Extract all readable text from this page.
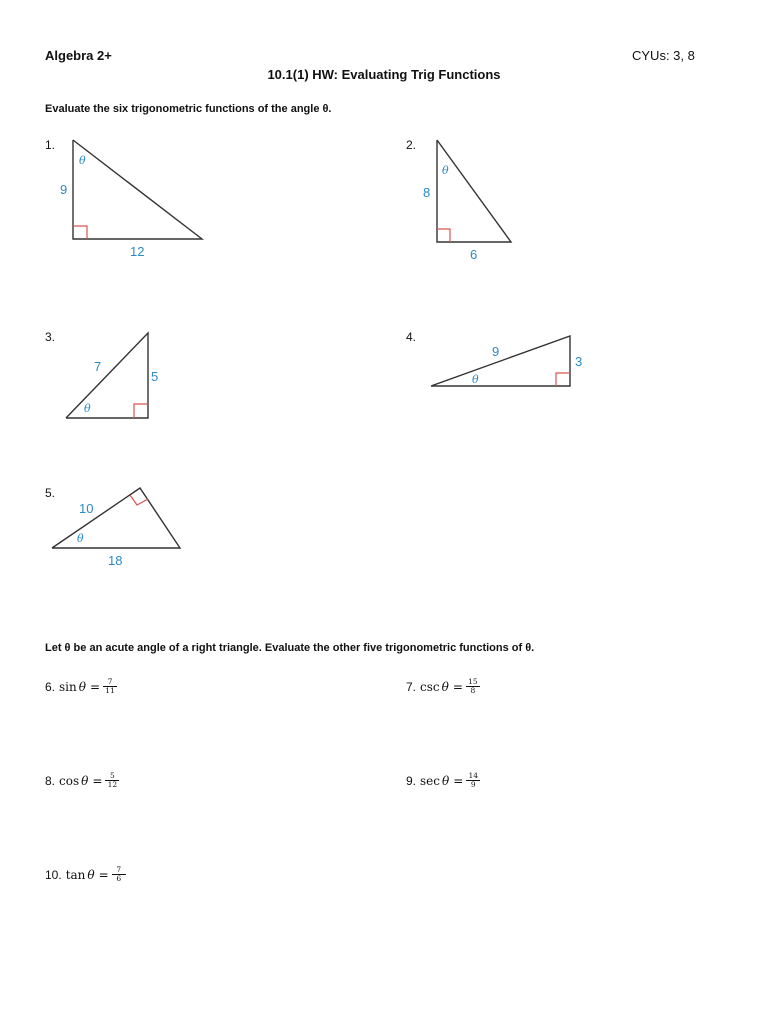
Algebra 2+	CYUs: 3, 8
10.1(1) HW: Evaluating Trig Functions
Evaluate the six trigonometric functions of the angle θ.
1.
θ
9
12
2.
θ
8
6
3.
θ
7
5
4.
θ
9
3
5.
θ
10
18
Let θ be an acute angle of a right triangle. Evaluate the other five trigonometric functions of θ.
6. $\sin \theta = \frac{7}{11}$	7. $\csc \theta = \frac{15}{8}$
8. $\cos \theta = \frac{5}{12}$	9. $\sec \theta = \frac{14}{9}$
10. $\tan \theta = \frac{7}{6}$
